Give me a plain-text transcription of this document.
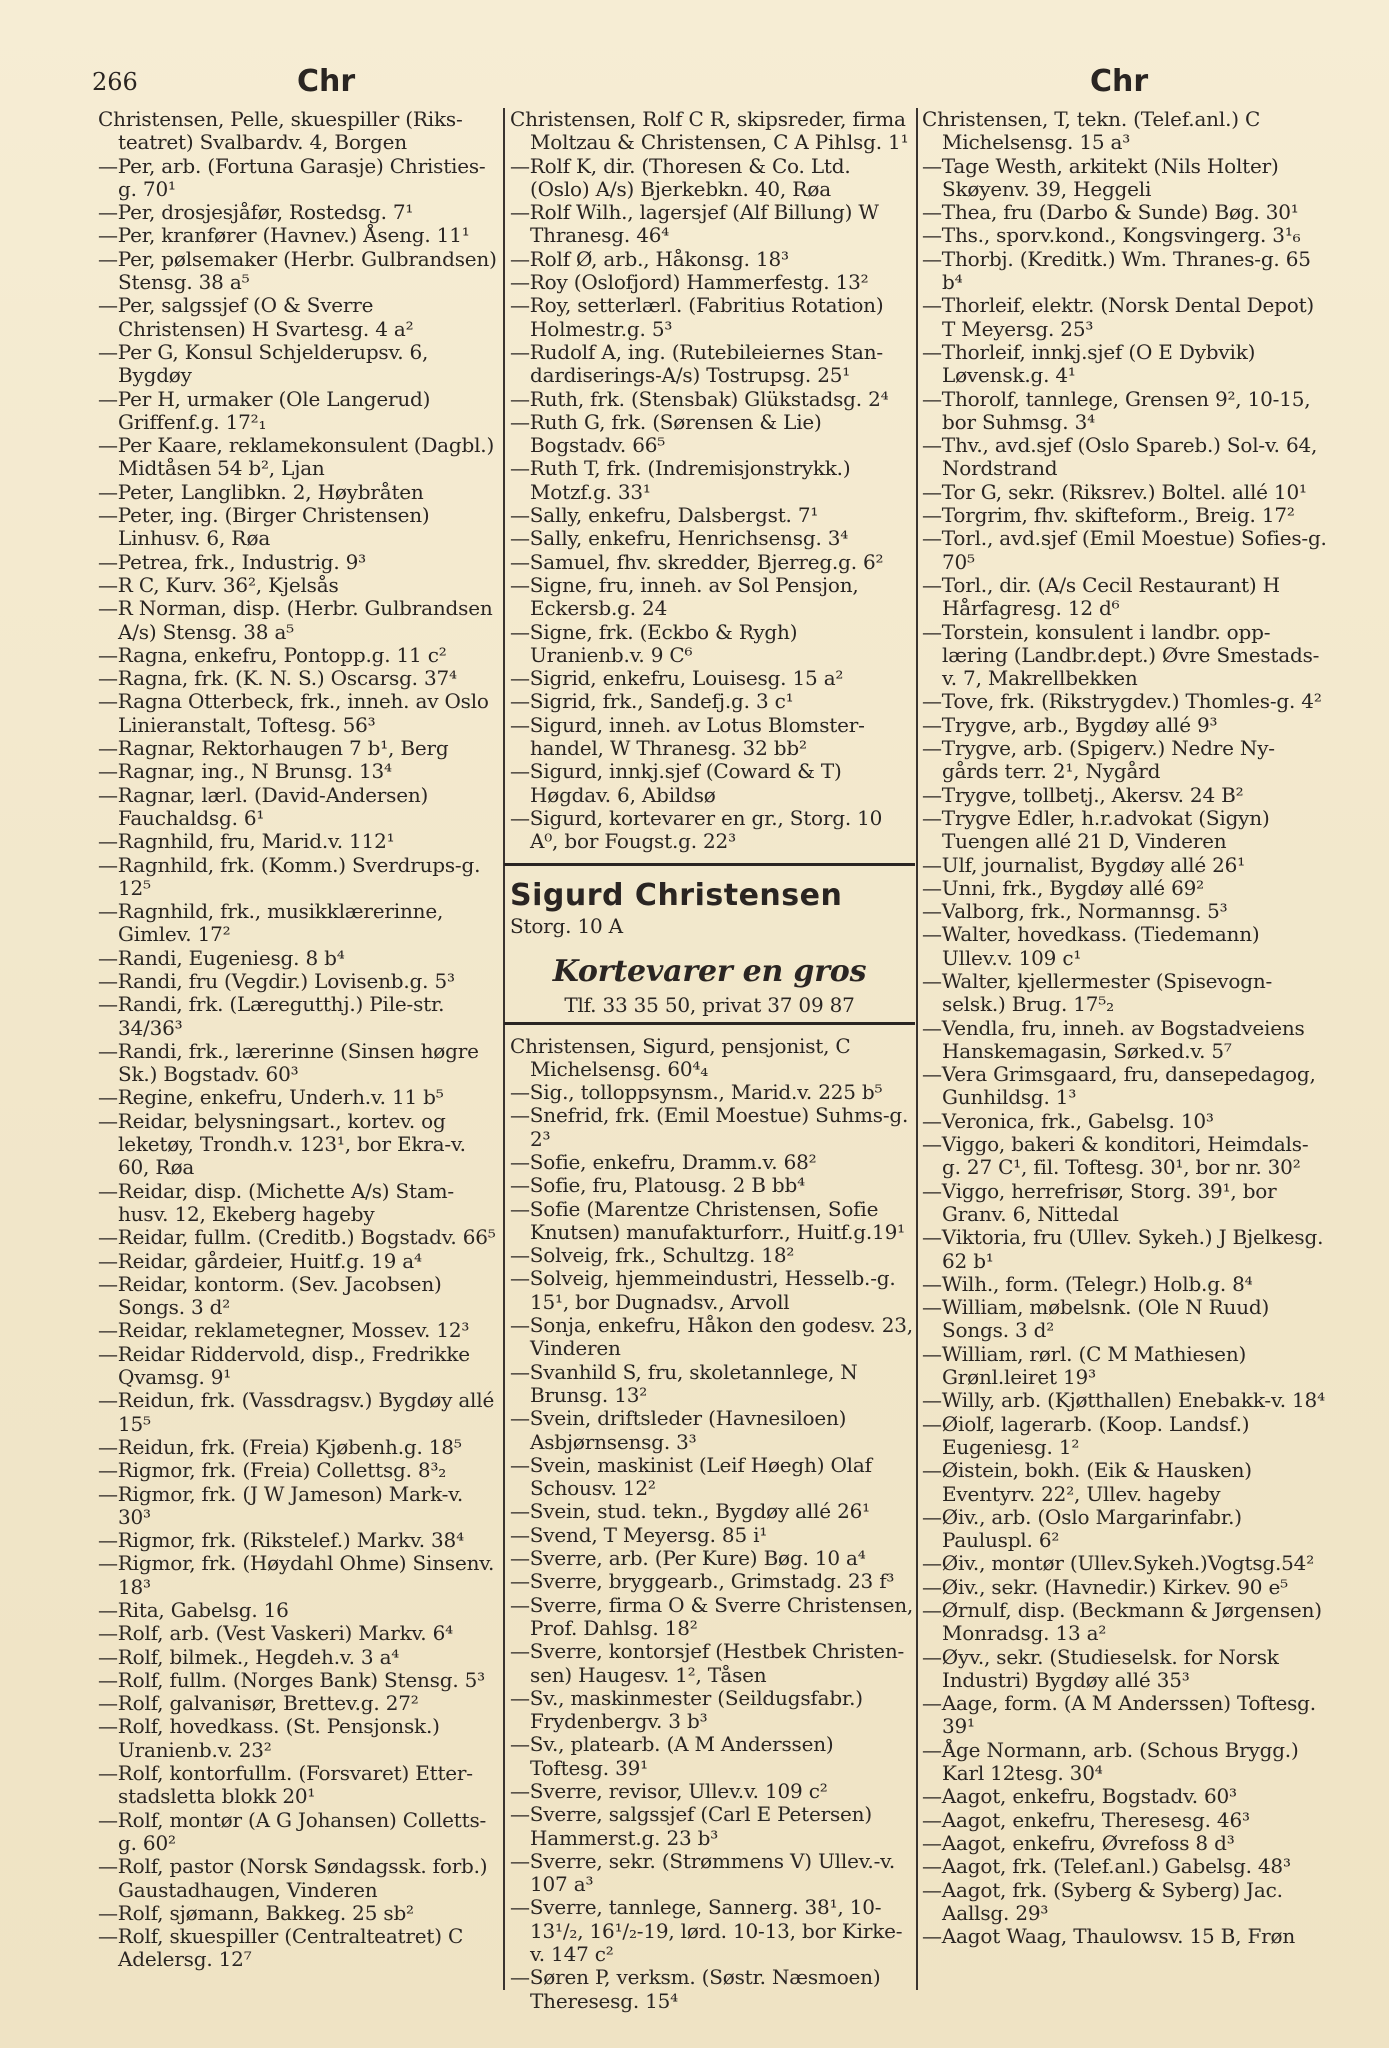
266	Chr	Chr

Christensen, Pelle, skuespiller (Riks-teatret) Svalbardv. 4, Borgen

—Per, arb. (Fortuna Garasje) Christies-g. 70¹

—Per, drosjesjåfør, Rostedsg. 7¹

—Per, kranfører (Havnev.) Åseng. 11¹

—Per, pølsemaker (Herbr. Gulbrandsen) Stensg. 38 a⁵

—Per, salgssjef (O & Sverre Christensen) H Svartesg. 4 a²

—Per G, Konsul Schjelderupsv. 6, Bygdøy

—Per H, urmaker (Ole Langerud) Griffenf.g. 17²₁

—Per Kaare, reklamekonsulent (Dagbl.) Midtåsen 54 b², Ljan

—Peter, Langlibkn. 2, Høybråten

—Peter, ing. (Birger Christensen) Linhusv. 6, Røa

—Petrea, frk., Industrig. 9³

—R C, Kurv. 36², Kjelsås

—R Norman, disp. (Herbr. Gulbrandsen A/s) Stensg. 38 a⁵

—Ragna, enkefru, Pontopp.g. 11 c²

—Ragna, frk. (K. N. S.) Oscarsg. 37⁴

—Ragna Otterbeck, frk., inneh. av Oslo Linieranstalt, Toftesg. 56³

—Ragnar, Rektorhaugen 7 b¹, Berg

—Ragnar, ing., N Brunsg. 13⁴

—Ragnar, lærl. (David-Andersen) Fauchaldsg. 6¹

—Ragnhild, fru, Marid.v. 112¹

—Ragnhild, frk. (Komm.) Sverdrups-g. 12⁵

—Ragnhild, frk., musikklærerinne, Gimlev. 17²

—Randi, Eugeniesg. 8 b⁴

—Randi, fru (Vegdir.) Lovisenb.g. 5³

—Randi, frk. (Læregutthj.) Pile-str. 34/36³

—Randi, frk., lærerinne (Sinsen høgre Sk.) Bogstadv. 60³

—Regine, enkefru, Underh.v. 11 b⁵

—Reidar, belysningsart., kortev. og leketøy, Trondh.v. 123¹, bor Ekra-v. 60, Røa

—Reidar, disp. (Michette A/s) Stam-husv. 12, Ekeberg hageby

—Reidar, fullm. (Creditb.) Bogstadv. 66⁵

—Reidar, gårdeier, Huitf.g. 19 a⁴

—Reidar, kontorm. (Sev. Jacobsen) Songs. 3 d²

—Reidar, reklametegner, Mossev. 12³

—Reidar Riddervold, disp., Fredrikke Qvamsg. 9¹

—Reidun, frk. (Vassdragsv.) Bygdøy allé 15⁵

—Reidun, frk. (Freia) Kjøbenh.g. 18⁵

—Rigmor, frk. (Freia) Collettsg. 8³₂

—Rigmor, frk. (J W Jameson) Mark-v. 30³

—Rigmor, frk. (Rikstelef.) Markv. 38⁴

—Rigmor, frk. (Høydahl Ohme) Sinsenv. 18³

—Rita, Gabelsg. 16

—Rolf, arb. (Vest Vaskeri) Markv. 6⁴

—Rolf, bilmek., Hegdeh.v. 3 a⁴

—Rolf, fullm. (Norges Bank) Stensg. 5³

—Rolf, galvanisør, Brettev.g. 27²

—Rolf, hovedkass. (St. Pensjonsk.) Uranienb.v. 23²

—Rolf, kontorfullm. (Forsvaret) Etter-stadsletta blokk 20¹

—Rolf, montør (A G Johansen) Colletts-g. 60²

—Rolf, pastor (Norsk Søndagssk. forb.) Gaustadhaugen, Vinderen

—Rolf, sjømann, Bakkeg. 25 sb²

—Rolf, skuespiller (Centralteatret) C Adelersg. 12⁷

Christensen, Rolf C R, skipsreder, firma Moltzau & Christensen, C A Pihlsg. 1¹

—Rolf K, dir. (Thoresen & Co. Ltd. (Oslo) A/s) Bjerkebkn. 40, Røa

—Rolf Wilh., lagersjef (Alf Billung) W Thranesg. 46⁴

—Rolf Ø, arb., Håkonsg. 18³

—Roy (Oslofjord) Hammerfestg. 13²

—Roy, setterlærl. (Fabritius Rotation) Holmestr.g. 5³

—Rudolf A, ing. (Rutebileiernes Stan-dardiserings-A/s) Tostrupsg. 25¹

—Ruth, frk. (Stensbak) Glükstadsg. 2⁴

—Ruth G, frk. (Sørensen & Lie) Bogstadv. 66⁵

—Ruth T, frk. (Indremisjonstrykk.) Motzf.g. 33¹

—Sally, enkefru, Dalsbergst. 7¹

—Sally, enkefru, Henrichsensg. 3⁴

—Samuel, fhv. skredder, Bjerreg.g. 6²

—Signe, fru, inneh. av Sol Pensjon, Eckersb.g. 24

—Signe, frk. (Eckbo & Rygh) Uranienb.v. 9 C⁶

—Sigrid, enkefru, Louisesg. 15 a²

—Sigrid, frk., Sandefj.g. 3 c¹

—Sigurd, inneh. av Lotus Blomster-handel, W Thranesg. 32 bb²

—Sigurd, innkj.sjef (Coward & T) Høgdav. 6, Abildsø

—Sigurd, kortevarer en gr., Storg. 10 A⁰, bor Fougst.g. 22³

Sigurd Christensen
Storg. 10 A
Kortevarer en gros
Tlf. 33 35 50, privat 37 09 87

Christensen, Sigurd, pensjonist, C Michelsensg. 60⁴₄

—Sig., tolloppsynsm., Marid.v. 225 b⁵

—Snefrid, frk. (Emil Moestue) Suhms-g. 2³

—Sofie, enkefru, Dramm.v. 68²

—Sofie, fru, Platousg. 2 B bb⁴

—Sofie (Marentze Christensen, Sofie Knutsen) manufakturforr., Huitf.g.19¹

—Solveig, frk., Schultzg. 18²

—Solveig, hjemmeindustri, Hesselb.-g. 15¹, bor Dugnadsv., Arvoll

—Sonja, enkefru, Håkon den godesv. 23, Vinderen

—Svanhild S, fru, skoletannlege, N Brunsg. 13²

—Svein, driftsleder (Havnesiloen) Asbjørnsensg. 3³

—Svein, maskinist (Leif Høegh) Olaf Schousv. 12²

—Svein, stud. tekn., Bygdøy allé 26¹

—Svend, T Meyersg. 85 i¹

—Sverre, arb. (Per Kure) Bøg. 10 a⁴

—Sverre, bryggearb., Grimstadg. 23 f³

—Sverre, firma O & Sverre Christensen, Prof. Dahlsg. 18²

—Sverre, kontorsjef (Hestbek Christen-sen) Haugesv. 1², Tåsen

—Sv., maskinmester (Seildugsfabr.) Frydenbergv. 3 b³

—Sv., platearb. (A M Anderssen) Toftesg. 39¹

—Sverre, revisor, Ullev.v. 109 c²

—Sverre, salgssjef (Carl E Petersen) Hammerst.g. 23 b³

—Sverre, sekr. (Strømmens V) Ullev.-v. 107 a³

—Sverre, tannlege, Sannerg. 38¹, 10-13¹/₂, 16¹/₂-19, lørd. 10-13, bor Kirke-v. 147 c²

—Søren P, verksm. (Søstr. Næsmoen) Theresesg. 15⁴

Christensen, T, tekn. (Telef.anl.) C Michelsensg. 15 a³

—Tage Westh, arkitekt (Nils Holter) Skøyenv. 39, Heggeli

—Thea, fru (Darbo & Sunde) Bøg. 30¹

—Ths., sporv.kond., Kongsvingerg. 3¹₆

—Thorbj. (Kreditk.) Wm. Thranes-g. 65 b⁴

—Thorleif, elektr. (Norsk Dental Depot) T Meyersg. 25³

—Thorleif, innkj.sjef (O E Dybvik) Løvensk.g. 4¹

—Thorolf, tannlege, Grensen 9², 10-15, bor Suhmsg. 3⁴

—Thv., avd.sjef (Oslo Spareb.) Sol-v. 64, Nordstrand

—Tor G, sekr. (Riksrev.) Boltel. allé 10¹

—Torgrim, fhv. skifteform., Breig. 17²

—Torl., avd.sjef (Emil Moestue) Sofies-g. 70⁵

—Torl., dir. (A/s Cecil Restaurant) H Hårfagresg. 12 d⁶

—Torstein, konsulent i landbr. opp-læring (Landbr.dept.) Øvre Smestads-v. 7, Makrellbekken

—Tove, frk. (Rikstrygdev.) Thomles-g. 4²

—Trygve, arb., Bygdøy allé 9³

—Trygve, arb. (Spigerv.) Nedre Ny-gårds terr. 2¹, Nygård

—Trygve, tollbetj., Akersv. 24 B²

—Trygve Edler, h.r.advokat (Sigyn) Tuengen allé 21 D, Vinderen

—Ulf, journalist, Bygdøy allé 26¹

—Unni, frk., Bygdøy allé 69²

—Valborg, frk., Normannsg. 5³

—Walter, hovedkass. (Tiedemann) Ullev.v. 109 c¹

—Walter, kjellermester (Spisevogn-selsk.) Brug. 17⁵₂

—Vendla, fru, inneh. av Bogstadveiens Hanskemagasin, Sørked.v. 5⁷

—Vera Grimsgaard, fru, dansepedagog, Gunhildsg. 1³

—Veronica, frk., Gabelsg. 10³

—Viggo, bakeri & konditori, Heimdals-g. 27 C¹, fil. Toftesg. 30¹, bor nr. 30²

—Viggo, herrefrisør, Storg. 39¹, bor Granv. 6, Nittedal

—Viktoria, fru (Ullev. Sykeh.) J Bjelkesg. 62 b¹

—Wilh., form. (Telegr.) Holb.g. 8⁴

—William, møbelsnk. (Ole N Ruud) Songs. 3 d²

—William, rørl. (C M Mathiesen) Grønl.leiret 19³

—Willy, arb. (Kjøtthallen) Enebakk-v. 18⁴

—Øiolf, lagerarb. (Koop. Landsf.) Eugeniesg. 1²

—Øistein, bokh. (Eik & Hausken) Eventyrv. 22², Ullev. hageby

—Øiv., arb. (Oslo Margarinfabr.) Pauluspl. 6²

—Øiv., montør (Ullev.Sykeh.)Vogtsg.54²

—Øiv., sekr. (Havnedir.) Kirkev. 90 e⁵

—Ørnulf, disp. (Beckmann & Jørgensen) Monradsg. 13 a²

—Øyv., sekr. (Studieselsk. for Norsk Industri) Bygdøy allé 35³

—Aage, form. (A M Anderssen) Toftesg. 39¹

—Åge Normann, arb. (Schous Brygg.) Karl 12tesg. 30⁴

—Aagot, enkefru, Bogstadv. 60³

—Aagot, enkefru, Theresesg. 46³

—Aagot, enkefru, Øvrefoss 8 d³

—Aagot, frk. (Telef.anl.) Gabelsg. 48³

—Aagot, frk. (Syberg & Syberg) Jac. Aallsg. 29³

—Aagot Waag, Thaulowsv. 15 B, Frøn
